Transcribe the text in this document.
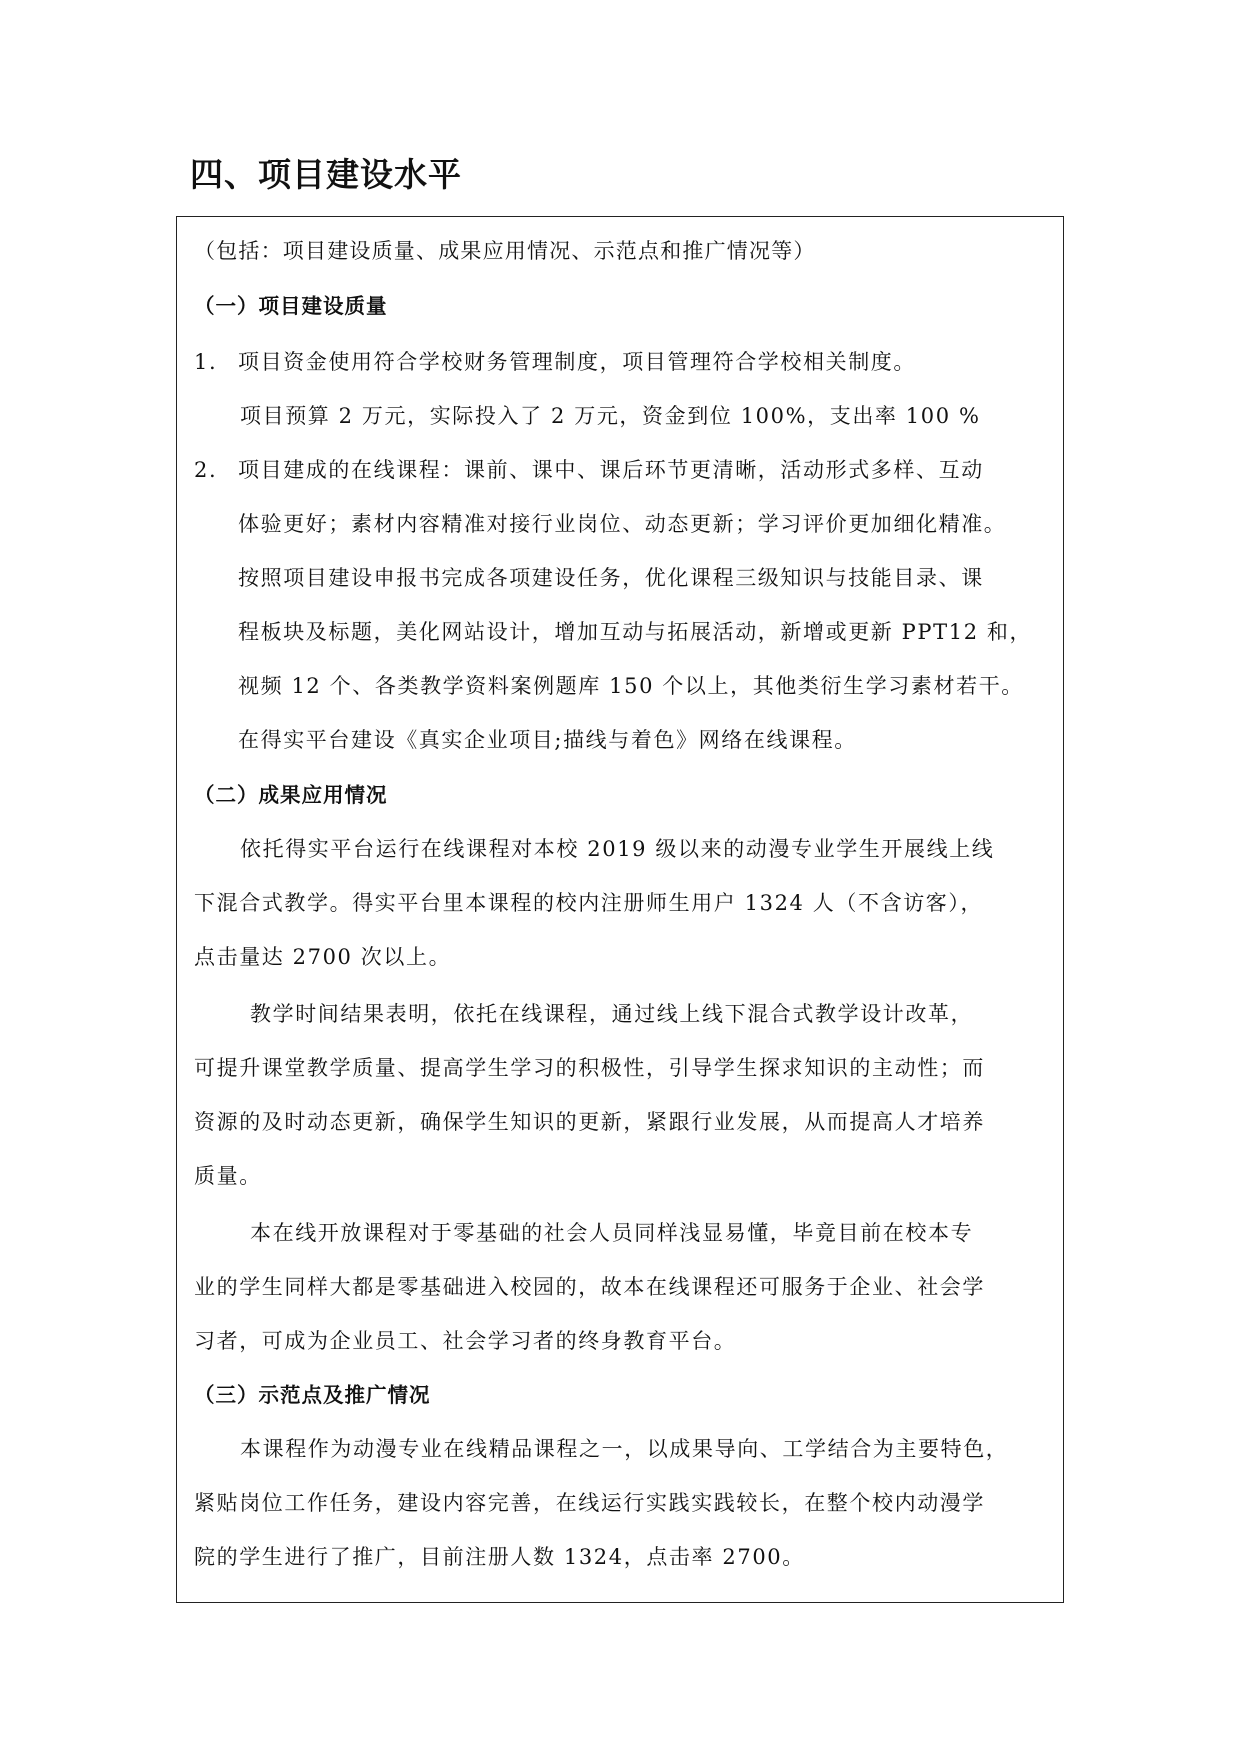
四、项目建设水平

（包括：项目建设质量、成果应用情况、示范点和推广情况等）

（一）项目建设质量

1. 项目资金使用符合学校财务管理制度，项目管理符合学校相关制度。

项目预算 2 万元，实际投入了 2 万元，资金到位 100%，支出率 100 %

2. 项目建成的在线课程：课前、课中、课后环节更清晰，活动形式多样、互动

体验更好；素材内容精准对接行业岗位、动态更新；学习评价更加细化精准。

按照项目建设申报书完成各项建设任务，优化课程三级知识与技能目录、课

程板块及标题，美化网站设计，增加互动与拓展活动，新增或更新 PPT12 和，

视频 12 个、各类教学资料案例题库 150 个以上，其他类衍生学习素材若干。

在得实平台建设《真实企业项目;描线与着色》网络在线课程。

（二）成果应用情况

依托得实平台运行在线课程对本校 2019 级以来的动漫专业学生开展线上线

下混合式教学。得实平台里本课程的校内注册师生用户 1324 人（不含访客），

点击量达 2700 次以上。

教学时间结果表明，依托在线课程，通过线上线下混合式教学设计改革，

可提升课堂教学质量、提高学生学习的积极性，引导学生探求知识的主动性；而

资源的及时动态更新，确保学生知识的更新，紧跟行业发展，从而提高人才培养

质量。

本在线开放课程对于零基础的社会人员同样浅显易懂，毕竟目前在校本专

业的学生同样大都是零基础进入校园的，故本在线课程还可服务于企业、社会学

习者，可成为企业员工、社会学习者的终身教育平台。

（三）示范点及推广情况

本课程作为动漫专业在线精品课程之一，以成果导向、工学结合为主要特色，

紧贴岗位工作任务，建设内容完善，在线运行实践实践较长，在整个校内动漫学

院的学生进行了推广，目前注册人数 1324，点击率 2700。
